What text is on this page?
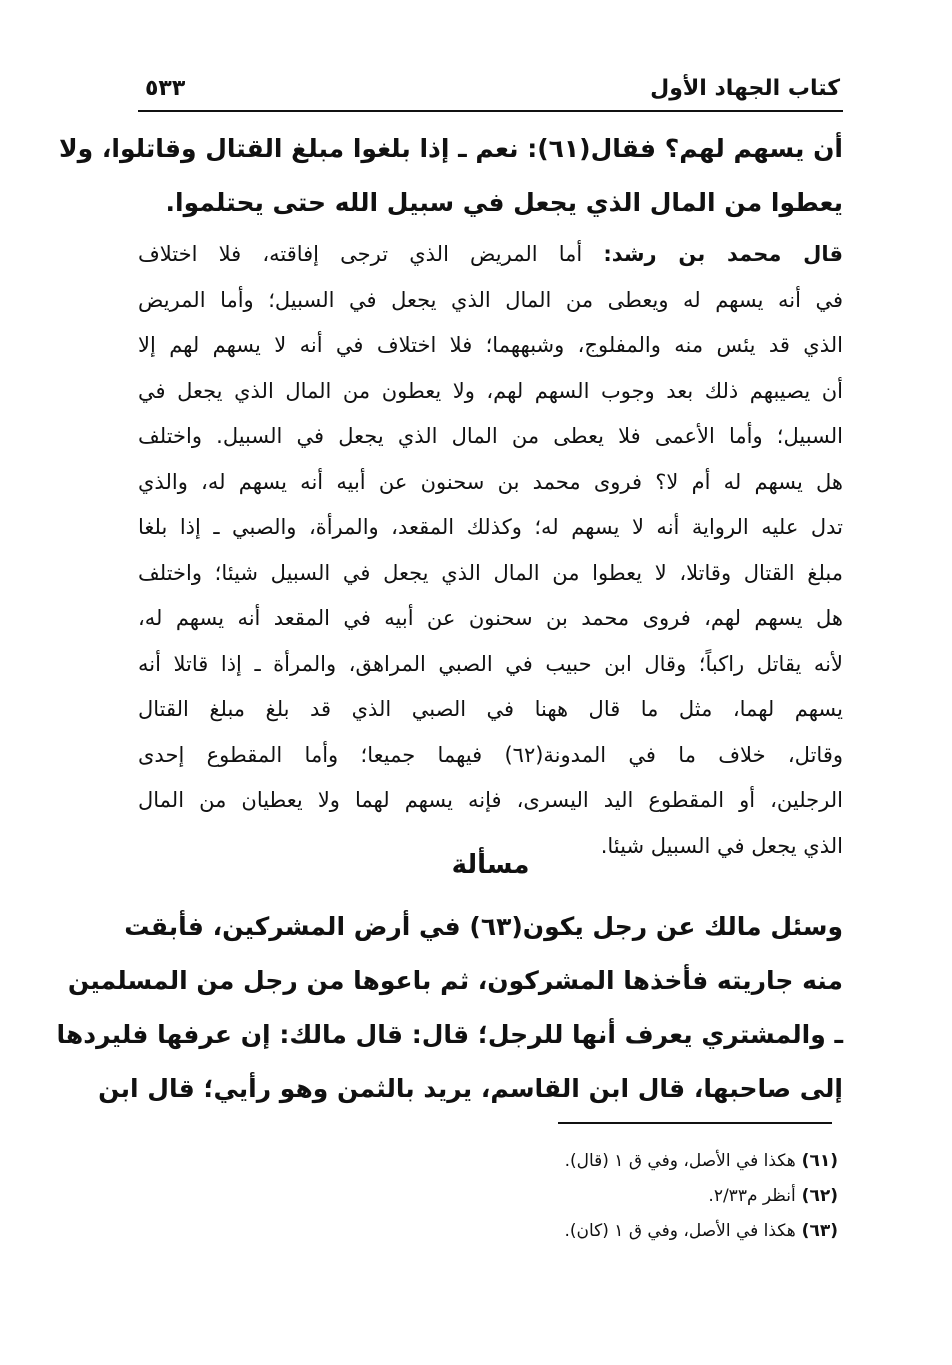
كتاب الجهاد الأول
٥٣٣
أن يسهم لهم؟ فقال(٦١): نعم ـ إذا بلغوا مبلغ القتال وقاتلوا، ولا
يعطوا من المال الذي يجعل في سبيل الله حتى يحتلموا.
قال محمد بن رشد: أما المريض الذي ترجى إفاقته، فلا اختلاف
في أنه يسهم له ويعطى من المال الذي يجعل في السبيل؛ وأما المريض
الذي قد يئس منه والمفلوج، وشبههما؛ فلا اختلاف في أنه لا يسهم لهم إلا
أن يصيبهم ذلك بعد وجوب السهم لهم، ولا يعطون من المال الذي يجعل في
السبيل؛ وأما الأعمى فلا يعطى من المال الذي يجعل في السبيل. واختلف
هل يسهم له أم لا؟ فروى محمد بن سحنون عن أبيه أنه يسهم له، والذي
تدل عليه الرواية أنه لا يسهم له؛ وكذلك المقعد، والمرأة، والصبي ـ إذا بلغا
مبلغ القتال وقاتلا، لا يعطوا من المال الذي يجعل في السبيل شيئا؛ واختلف
هل يسهم لهم، فروى محمد بن سحنون عن أبيه في المقعد أنه يسهم له،
لأنه يقاتل راكباً؛ وقال ابن حبيب في الصبي المراهق، والمرأة ـ إذا قاتلا أنه
يسهم لهما، مثل ما قال ههنا في الصبي الذي قد بلغ مبلغ القتال
وقاتل، خلاف ما في المدونة(٦٢) فيهما جميعا؛ وأما المقطوع إحدى
الرجلين، أو المقطوع اليد اليسرى، فإنه يسهم لهما ولا يعطيان من المال
الذي يجعل في السبيل شيئا.
مسألة
وسئل مالك عن رجل يكون(٦٣) في أرض المشركين، فأبقت
منه جاريته فأخذها المشركون، ثم باعوها من رجل من المسلمين
ـ والمشتري يعرف أنها للرجل؛ قال: قال مالك: إن عرفها فليردها
إلى صاحبها، قال ابن القاسم، يريد بالثمن وهو رأيي؛ قال ابن
(٦١)هكذا في الأصل، وفي ق ١ (قال).
(٦٢)أنظر م٢/٣٣.
(٦٣)هكذا في الأصل، وفي ق ١ (كان).
